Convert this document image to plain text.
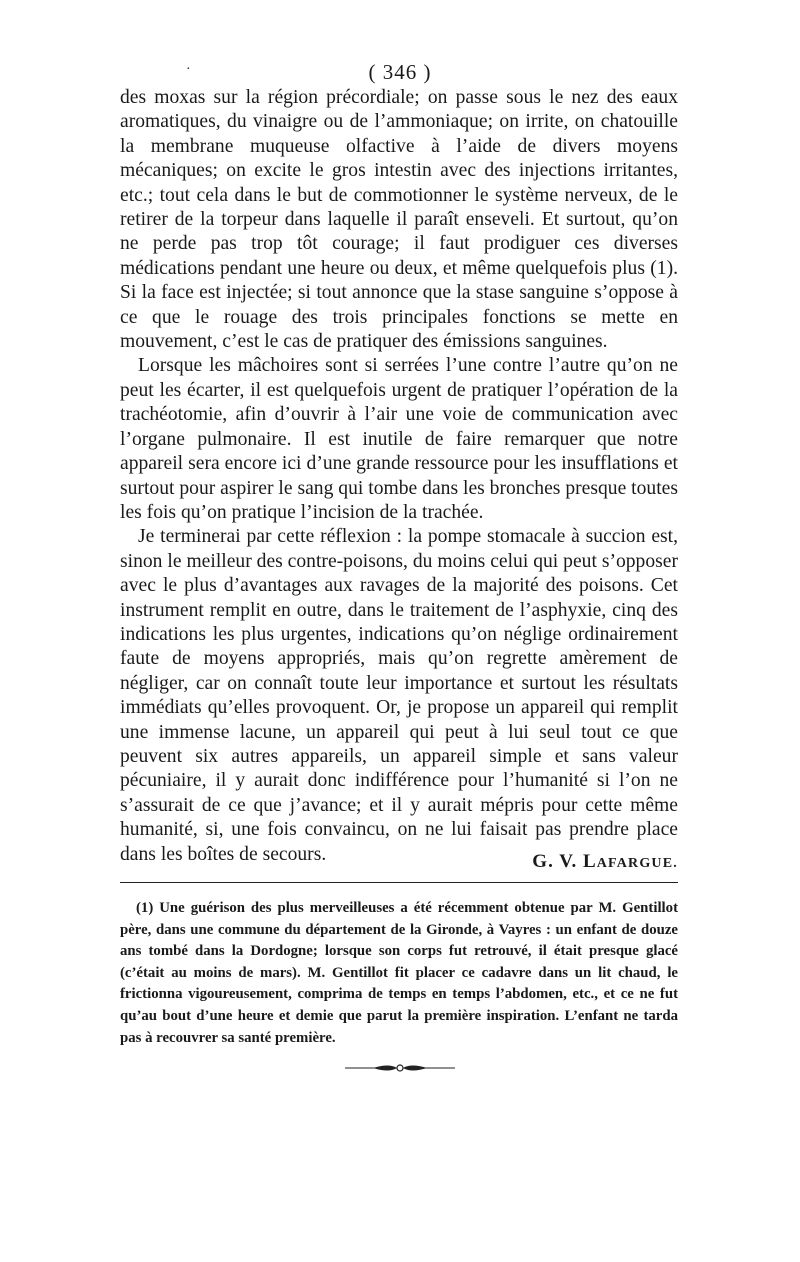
·	( 346 )

des moxas sur la région précordiale; on passe sous le nez des eaux aromatiques, du vinaigre ou de l’ammoniaque; on irrite, on chatouille la membrane muqueuse olfactive à l’aide de divers moyens mécaniques; on excite le gros intestin avec des injections irritantes, etc.; tout cela dans le but de commotionner le système nerveux, de le retirer de la torpeur dans laquelle il paraît enseveli. Et surtout, qu’on ne perde pas trop tôt courage; il faut prodiguer ces diverses médications pendant une heure ou deux, et même quelquefois plus (1). Si la face est injectée; si tout annonce que la stase sanguine s’oppose à ce que le rouage des trois principales fonctions se mette en mouvement, c’est le cas de pratiquer des émissions sanguines.

Lorsque les mâchoires sont si serrées l’une contre l’autre qu’on ne peut les écarter, il est quelquefois urgent de pratiquer l’opération de la trachéotomie, afin d’ouvrir à l’air une voie de communication avec l’organe pulmonaire. Il est inutile de faire remarquer que notre appareil sera encore ici d’une grande ressource pour les insufflations et surtout pour aspirer le sang qui tombe dans les bronches presque toutes les fois qu’on pratique l’incision de la trachée.

Je terminerai par cette réflexion : la pompe stomacale à succion est, sinon le meilleur des contre-poisons, du moins celui qui peut s’opposer avec le plus d’avantages aux ravages de la majorité des poisons. Cet instrument remplit en outre, dans le traitement de l’asphyxie, cinq des indications les plus urgentes, indications qu’on néglige ordinairement faute de moyens appropriés, mais qu’on regrette amèrement de négliger, car on connaît toute leur importance et surtout les résultats immédiats qu’elles provoquent. Or, je propose un appareil qui remplit une immense lacune, un appareil qui peut à lui seul tout ce que peuvent six autres appareils, un appareil simple et sans valeur pécuniaire, il y aurait donc indifférence pour l’humanité si l’on ne s’assurait de ce que j’avance; et il y aurait mépris pour cette même humanité, si, une fois convaincu, on ne lui faisait pas prendre place dans les boîtes de secours.	G. V. LAFARGUE.

(1) Une guérison des plus merveilleuses a été récemment obtenue par M. Gentillot père, dans une commune du département de la Gironde, à Vayres : un enfant de douze ans tombé dans la Dordogne; lorsque son corps fut retrouvé, il était presque glacé (c’était au moins de mars). M. Gentillot fit placer ce cadavre dans un lit chaud, le frictionna vigoureusement, comprima de temps en temps l’abdomen, etc., et ce ne fut qu’au bout d’une heure et demie que parut la première inspiration. L’enfant ne tarda pas à recouvrer sa santé première.
